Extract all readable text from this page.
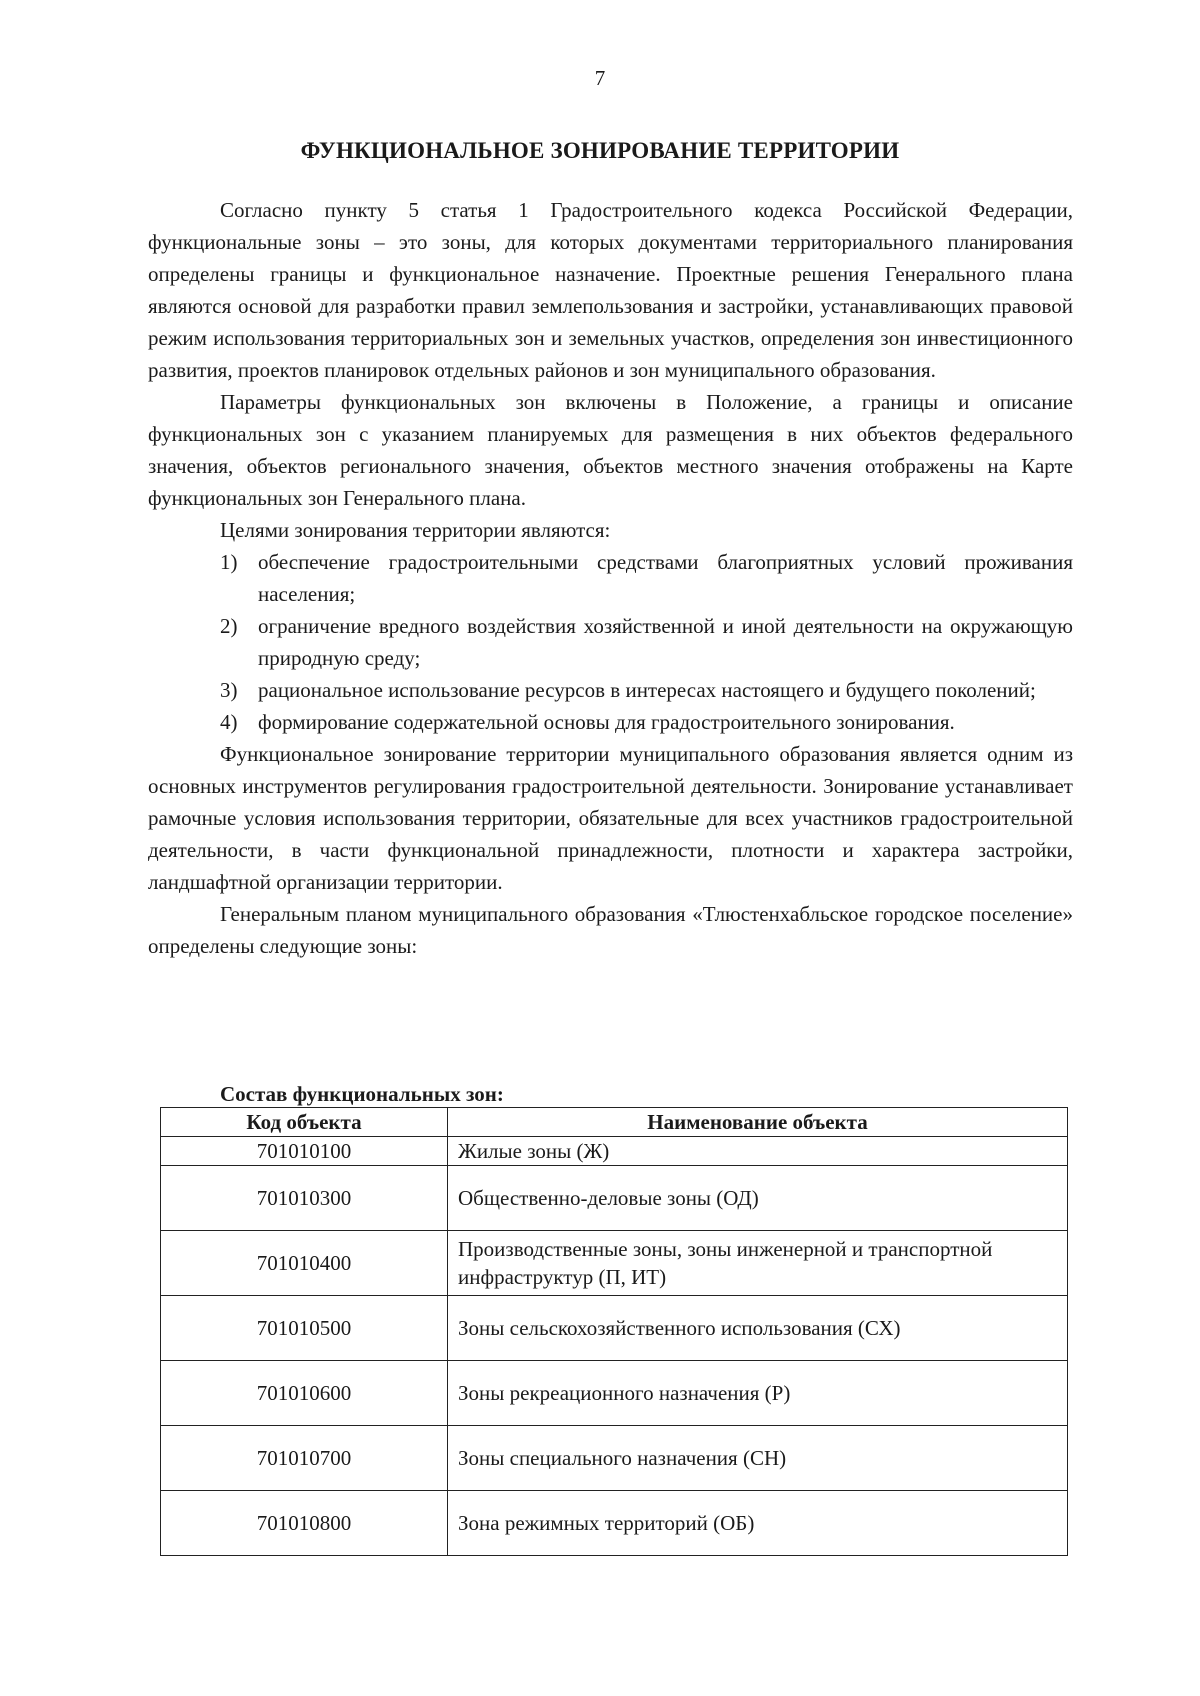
7
ФУНКЦИОНАЛЬНОЕ ЗОНИРОВАНИЕ ТЕРРИТОРИИ

Согласно пункту 5 статья 1 Градостроительного кодекса Российской Федерации, функциональные зоны – это зоны, для которых документами территориального планирования определены границы и функциональное назначение. Проектные решения Генерального плана являются основой для разработки правил землепользования и застройки, устанавливающих правовой режим использования территориальных зон и земельных участков, определения зон инвестиционного развития, проектов планировок отдельных районов и зон муниципального образования.

Параметры функциональных зон включены в Положение, а границы и описание функциональных зон с указанием планируемых для размещения в них объектов федерального значения, объектов регионального значения, объектов местного значения отображены на Карте функциональных зон Генерального плана.

Целями зонирования территории являются:

1) обеспечение градостроительными средствами благоприятных условий проживания населения;
2) ограничение вредного воздействия хозяйственной и иной деятельности на окружающую природную среду;
3) рациональное использование ресурсов в интересах настоящего и будущего поколений;
4) формирование содержательной основы для градостроительного зонирования.

Функциональное зонирование территории муниципального образования является одним из основных инструментов регулирования градостроительной деятельности. Зонирование устанавливает рамочные условия использования территории, обязательные для всех участников градостроительной деятельности, в части функциональной принадлежности, плотности и характера застройки, ландшафтной организации территории.

Генеральным планом муниципального образования «Тлюстенхабльское городское поселение» определены следующие зоны:

Состав функциональных зон:
Код объекта	Наименование объекта
701010100	Жилые зоны (Ж)
701010300	Общественно-деловые зоны (ОД)
701010400	Производственные зоны, зоны инженерной и транспортной инфраструктур (П, ИТ)
701010500	Зоны сельскохозяйственного использования (СХ)
701010600	Зоны рекреационного назначения (Р)
701010700	Зоны специального назначения (СН)
701010800	Зона режимных территорий (ОБ)
